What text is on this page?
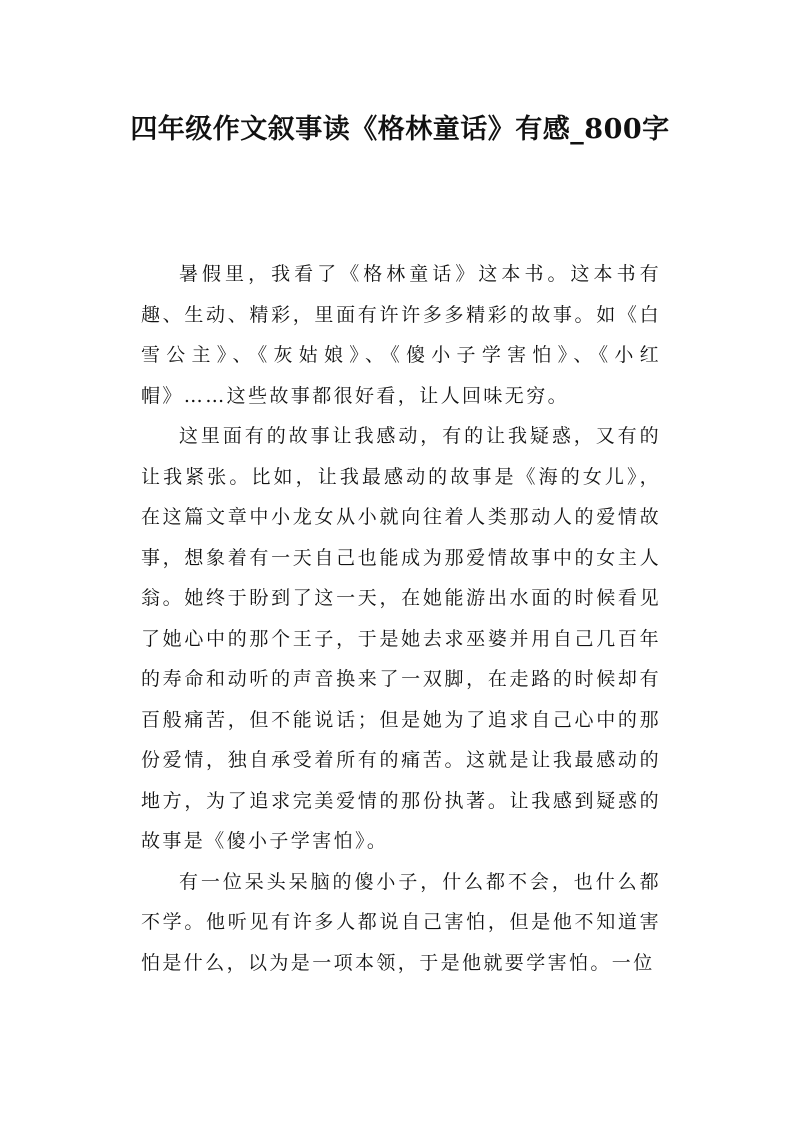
四年级作文叙事读《格林童话》有感_800字

暑假里，我看了《格林童话》这本书。这本书有趣、生动、精彩，里面有许许多多精彩的故事。如《白雪公主》、《灰姑娘》、《傻小子学害怕》、《小红帽》……这些故事都很好看，让人回味无穷。

这里面有的故事让我感动，有的让我疑惑，又有的让我紧张。比如，让我最感动的故事是《海的女儿》，在这篇文章中小龙女从小就向往着人类那动人的爱情故事，想象着有一天自己也能成为那爱情故事中的女主人翁。她终于盼到了这一天，在她能游出水面的时候看见了她心中的那个王子，于是她去求巫婆并用自己几百年的寿命和动听的声音换来了一双脚，在走路的时候却有百般痛苦，但不能说话；但是她为了追求自己心中的那份爱情，独自承受着所有的痛苦。这就是让我最感动的地方，为了追求完美爱情的那份执著。让我感到疑惑的故事是《傻小子学害怕》。

有一位呆头呆脑的傻小子，什么都不会，也什么都不学。他听见有许多人都说自己害怕，但是他不知道害怕是什么，以为是一项本领，于是他就要学害怕。一位
